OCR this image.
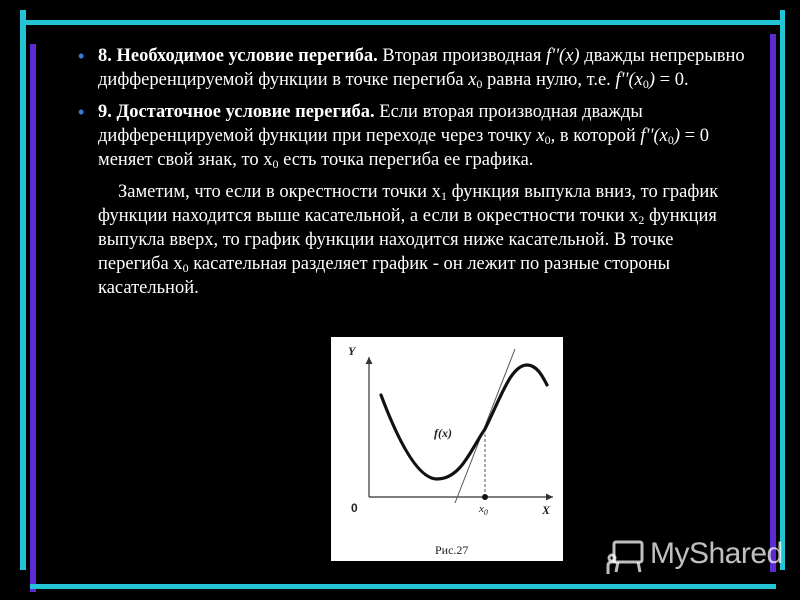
• 8. Необходимое условие перегиба. Вторая производная f''(x) дважды непрерывно дифференцируемой функции в точке перегиба $x_0$ равна нулю, т.е. $f''(x_0) = 0$.
• 9. Достаточное условие перегиба. Если вторая производная дважды дифференцируемой функции при переходе через точку $x_0$, в которой $f''(x_0) = 0$ меняет свой знак, то $x_0$ есть точка перегиба ее графика.
Заметим, что если в окрестности точки $x_1$ функция выпукла вниз, то график функции находится выше касательной, а если в окрестности точки $x_2$ функция выпукла вверх, то график функции находится ниже касательной. В точке перегиба $x_0$ касательная разделяет график - он лежит по разные стороны касательной.
Y
X
0
f(x)
$x_0$
Рис.27	MyShared
